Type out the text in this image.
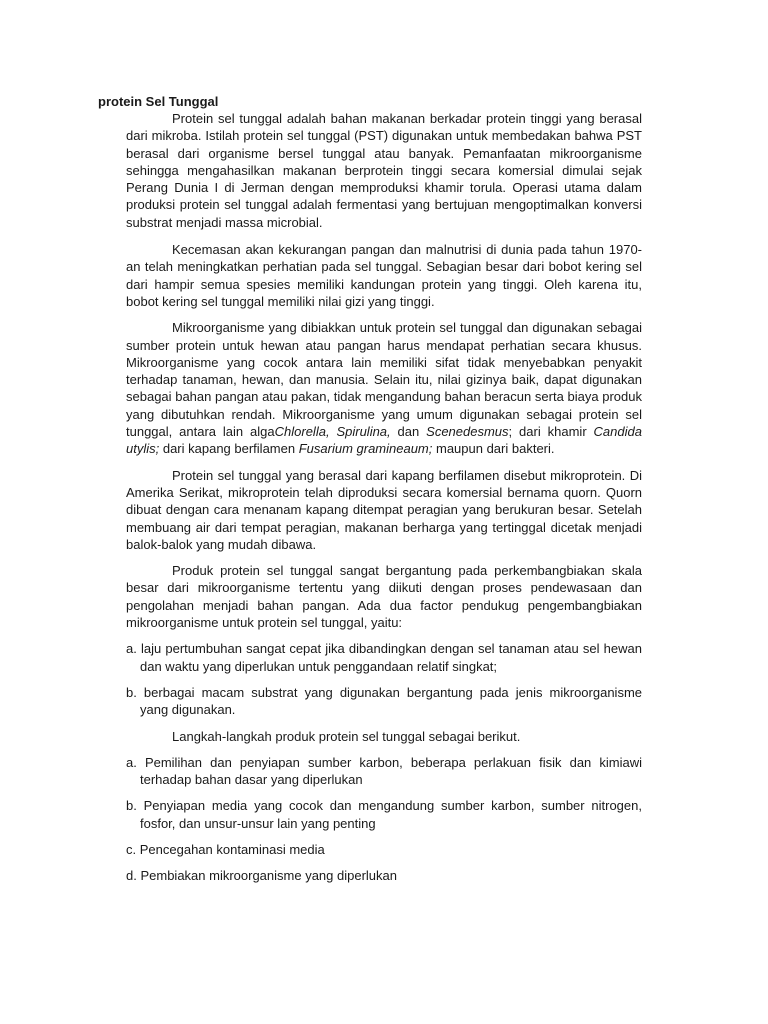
protein Sel Tunggal

Protein sel tunggal adalah bahan makanan berkadar protein tinggi yang berasal dari mikroba. Istilah protein sel tunggal (PST) digunakan untuk membedakan bahwa PST berasal dari organisme bersel tunggal atau banyak. Pemanfaatan mikroorganisme sehingga mengahasilkan makanan berprotein tinggi secara komersial dimulai sejak Perang Dunia I di Jerman dengan memproduksi khamir torula. Operasi utama dalam produksi protein sel tunggal adalah fermentasi yang bertujuan mengoptimalkan konversi substrat menjadi massa microbial.

Kecemasan akan kekurangan pangan dan malnutrisi di dunia pada tahun 1970-an telah meningkatkan perhatian pada sel tunggal. Sebagian besar dari bobot kering sel dari hampir semua spesies memiliki kandungan protein yang tinggi. Oleh karena itu, bobot kering sel tunggal memiliki nilai gizi yang tinggi.

Mikroorganisme yang dibiakkan untuk protein sel tunggal dan digunakan sebagai sumber protein untuk hewan atau pangan harus mendapat perhatian secara khusus. Mikroorganisme yang cocok antara lain memiliki sifat tidak menyebabkan penyakit terhadap tanaman, hewan, dan manusia. Selain itu, nilai gizinya baik, dapat digunakan sebagai bahan pangan atau pakan, tidak mengandung bahan beracun serta biaya produk yang dibutuhkan rendah. Mikroorganisme yang umum digunakan sebagai protein sel tunggal, antara lain algaChlorella, Spirulina, dan Scenedesmus; dari khamir Candida utylis; dari kapang berfilamen Fusarium gramineaum; maupun dari bakteri.

Protein sel tunggal yang berasal dari kapang berfilamen disebut mikroprotein. Di Amerika Serikat, mikroprotein telah diproduksi secara komersial bernama quorn. Quorn dibuat dengan cara menanam kapang ditempat peragian yang berukuran besar. Setelah membuang air dari tempat peragian, makanan berharga yang tertinggal dicetak menjadi balok-balok yang mudah dibawa.

Produk protein sel tunggal sangat bergantung pada perkembangbiakan skala besar dari mikroorganisme tertentu yang diikuti dengan proses pendewasaan dan pengolahan menjadi bahan pangan. Ada dua factor pendukug pengembangbiakan mikroorganisme untuk protein sel tunggal, yaitu:

a. laju pertumbuhan sangat cepat jika dibandingkan dengan sel tanaman atau sel hewan dan waktu yang diperlukan untuk penggandaan relatif singkat;
b. berbagai macam substrat yang digunakan bergantung pada jenis mikroorganisme yang digunakan.

Langkah-langkah produk protein sel tunggal sebagai berikut.

a. Pemilihan dan penyiapan sumber karbon, beberapa perlakuan fisik dan kimiawi terhadap bahan dasar yang diperlukan
b. Penyiapan media yang cocok dan mengandung sumber karbon, sumber nitrogen, fosfor, dan unsur-unsur lain yang penting
c. Pencegahan kontaminasi media
d. Pembiakan mikroorganisme yang diperlukan
